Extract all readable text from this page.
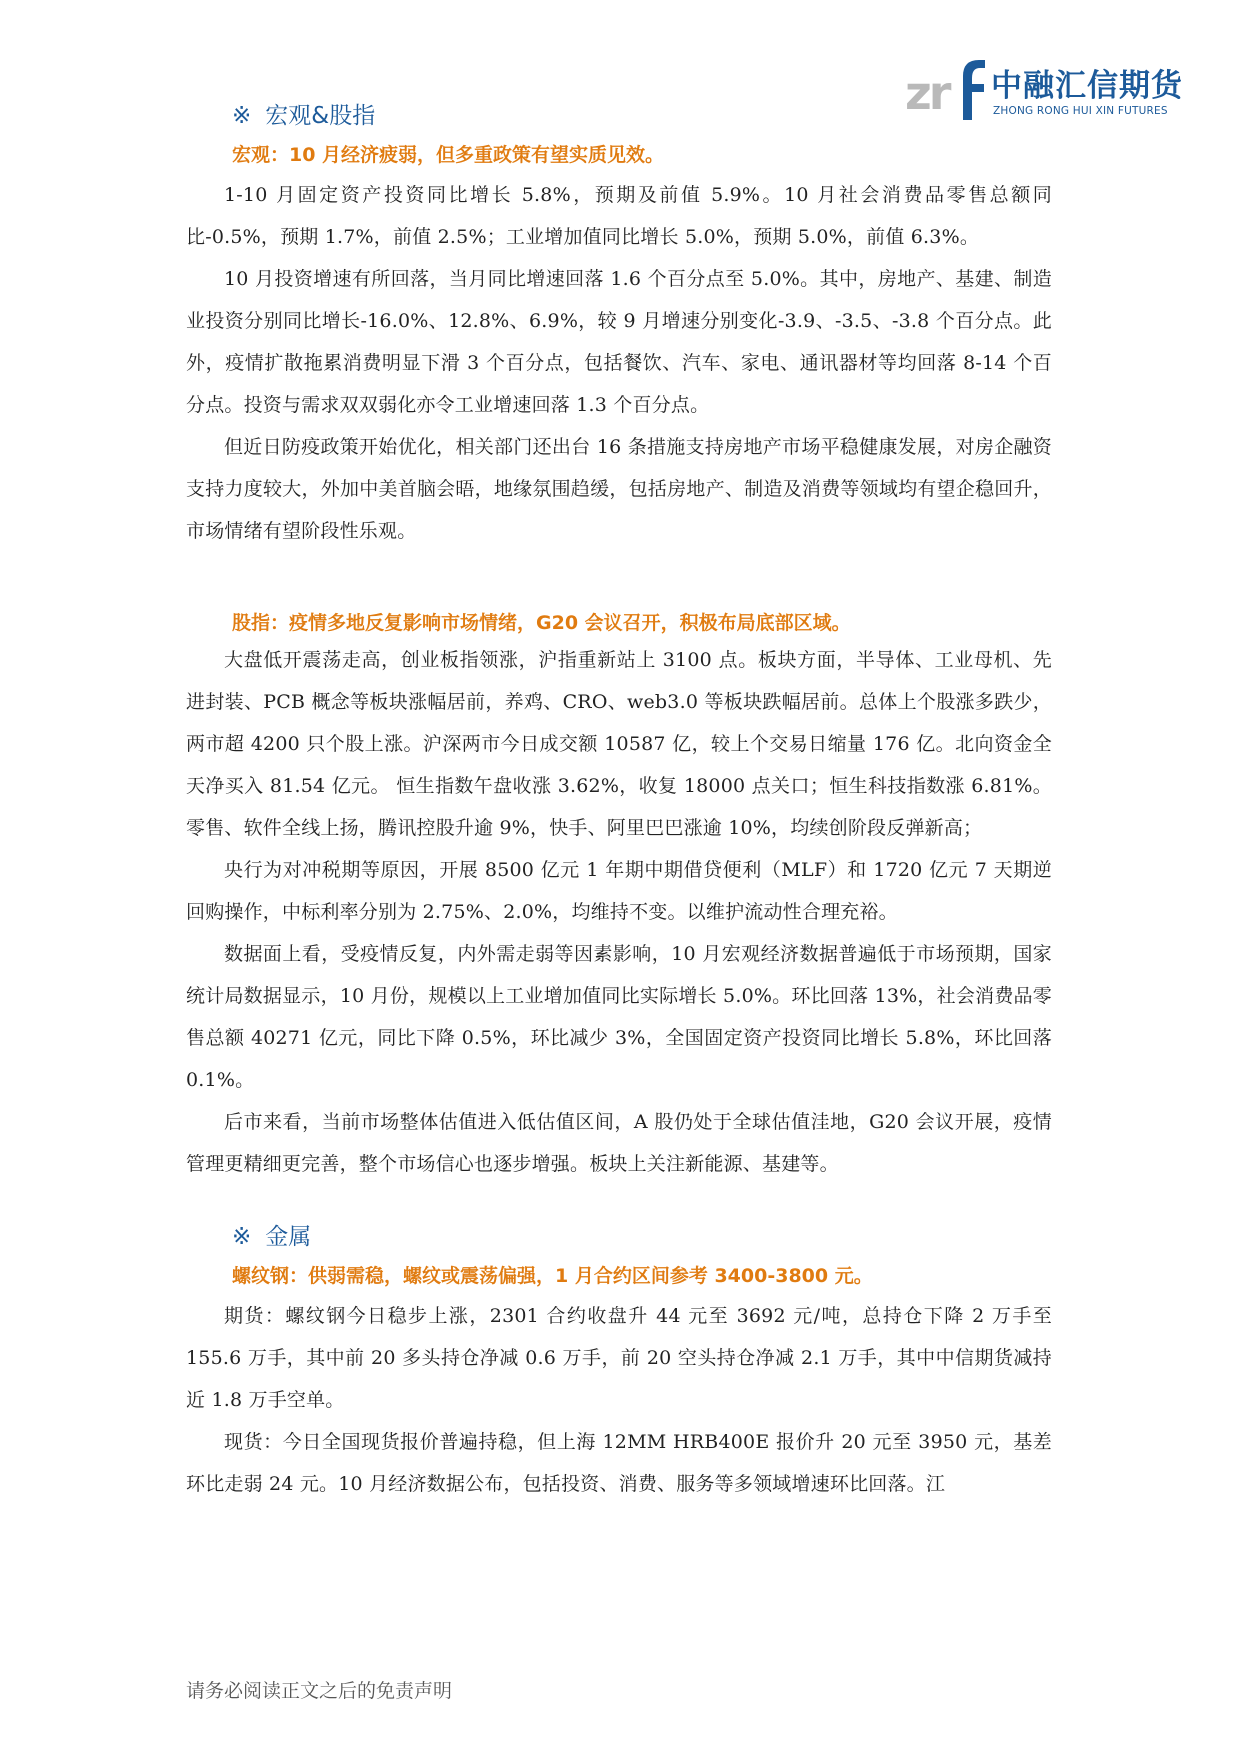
zr 中融汇信期货
ZHONG RONG HUI XIN FUTURES
※ 宏观&股指
宏观：10 月经济疲弱，但多重政策有望实质见效。

1-10 月固定资产投资同比增长 5.8%，预期及前值 5.9%。10 月社会消费品零售总额同比-0.5%，预期 1.7%，前值 2.5%；工业增加值同比增长 5.0%，预期 5.0%，前值 6.3%。

10 月投资增速有所回落，当月同比增速回落 1.6 个百分点至 5.0%。其中，房地产、基建、制造业投资分别同比增长-16.0%、12.8%、6.9%，较 9 月增速分别变化-3.9、-3.5、-3.8 个百分点。此外，疫情扩散拖累消费明显下滑 3 个百分点，包括餐饮、汽车、家电、通讯器材等均回落 8-14 个百分点。投资与需求双双弱化亦令工业增速回落 1.3 个百分点。

但近日防疫政策开始优化，相关部门还出台 16 条措施支持房地产市场平稳健康发展，对房企融资支持力度较大，外加中美首脑会晤，地缘氛围趋缓，包括房地产、制造及消费等领域均有望企稳回升，市场情绪有望阶段性乐观。

股指：疫情多地反复影响市场情绪，G20 会议召开，积极布局底部区域。

大盘低开震荡走高，创业板指领涨，沪指重新站上 3100 点。板块方面，半导体、工业母机、先进封装、PCB 概念等板块涨幅居前，养鸡、CRO、web3.0 等板块跌幅居前。总体上个股涨多跌少，两市超 4200 只个股上涨。沪深两市今日成交额 10587 亿，较上个交易日缩量 176 亿。北向资金全天净买入 81.54 亿元。 恒生指数午盘收涨 3.62%，收复 18000 点关口；恒生科技指数涨 6.81%。零售、软件全线上扬，腾讯控股升逾 9%，快手、阿里巴巴涨逾 10%，均续创阶段反弹新高；

央行为对冲税期等原因，开展 8500 亿元 1 年期中期借贷便利（MLF）和 1720 亿元 7 天期逆回购操作，中标利率分别为 2.75%、2.0%，均维持不变。以维护流动性合理充裕。

数据面上看，受疫情反复，内外需走弱等因素影响，10 月宏观经济数据普遍低于市场预期，国家统计局数据显示，10 月份，规模以上工业增加值同比实际增长 5.0%。环比回落 13%，社会消费品零售总额 40271 亿元，同比下降 0.5%，环比减少 3%，全国固定资产投资同比增长 5.8%，环比回落 0.1%。

后市来看，当前市场整体估值进入低估值区间，A 股仍处于全球估值洼地，G20 会议开展，疫情管理更精细更完善，整个市场信心也逐步增强。板块上关注新能源、基建等。

※ 金属
螺纹钢：供弱需稳，螺纹或震荡偏强，1 月合约区间参考 3400-3800 元。

期货：螺纹钢今日稳步上涨，2301 合约收盘升 44 元至 3692 元/吨，总持仓下降 2 万手至 155.6 万手，其中前 20 多头持仓净减 0.6 万手，前 20 空头持仓净减 2.1 万手，其中中信期货减持近 1.8 万手空单。

现货：今日全国现货报价普遍持稳，但上海 12MM HRB400E 报价升 20 元至 3950 元，基差环比走弱 24 元。10 月经济数据公布，包括投资、消费、服务等多领域增速环比回落。江

请务必阅读正文之后的免责声明
